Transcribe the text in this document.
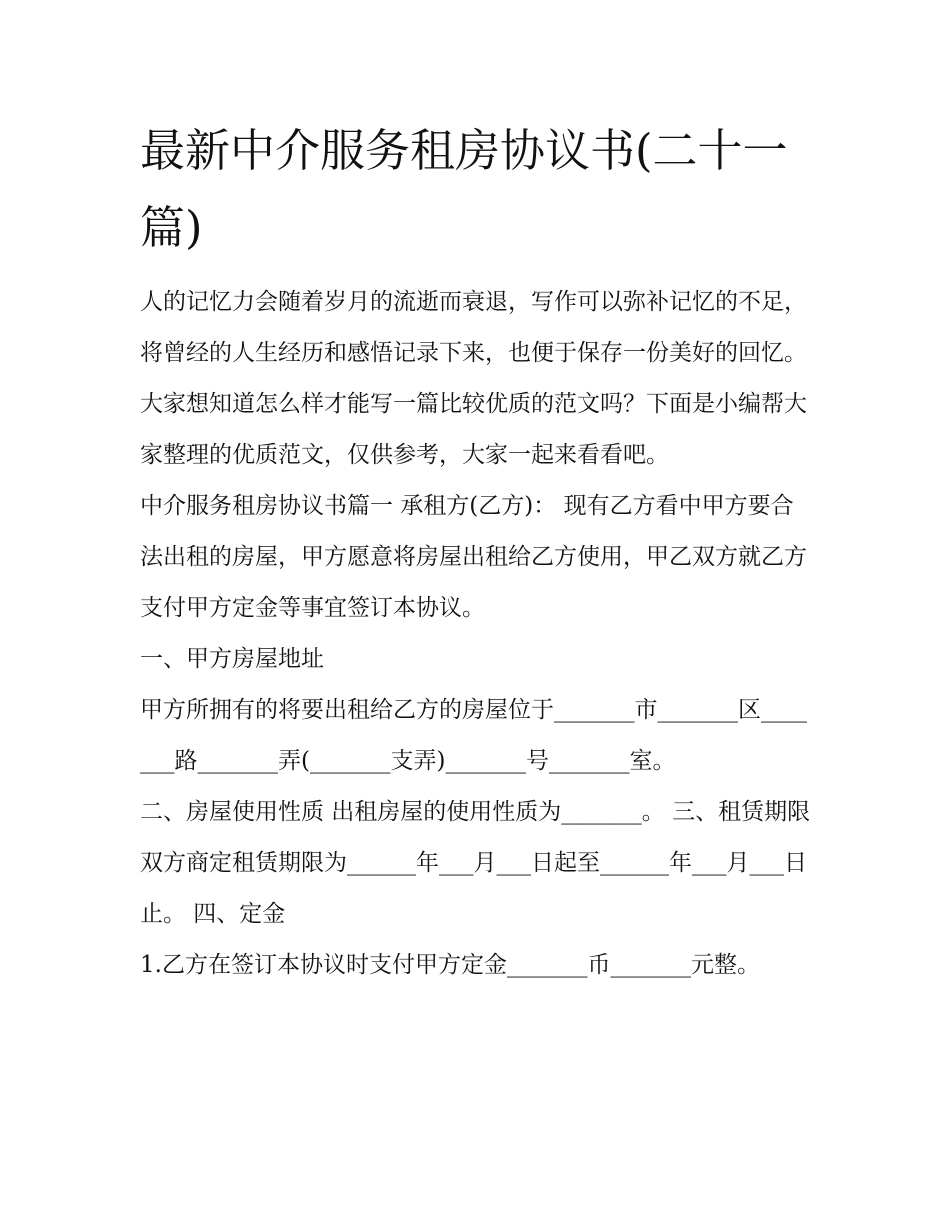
最新中介服务租房协议书(二十一篇)

人的记忆力会随着岁月的流逝而衰退，写作可以弥补记忆的不足，将曾经的人生经历和感悟记录下来，也便于保存一份美好的回忆。大家想知道怎么样才能写一篇比较优质的范文吗？下面是小编帮大家整理的优质范文，仅供参考，大家一起来看看吧。

中介服务租房协议书篇一 承租方(乙方)： 现有乙方看中甲方要合法出租的房屋，甲方愿意将房屋出租给乙方使用，甲乙双方就乙方支付甲方定金等事宜签订本协议。

一、甲方房屋地址

甲方所拥有的将要出租给乙方的房屋位于_______市_______区_______路_______弄(_______支弄)_______号_______室。

二、房屋使用性质 出租房屋的使用性质为_______。 三、租赁期限

双方商定租赁期限为______年___月___日起至______年___月___日止。 四、定金

1.乙方在签订本协议时支付甲方定金_______币_______元整。
